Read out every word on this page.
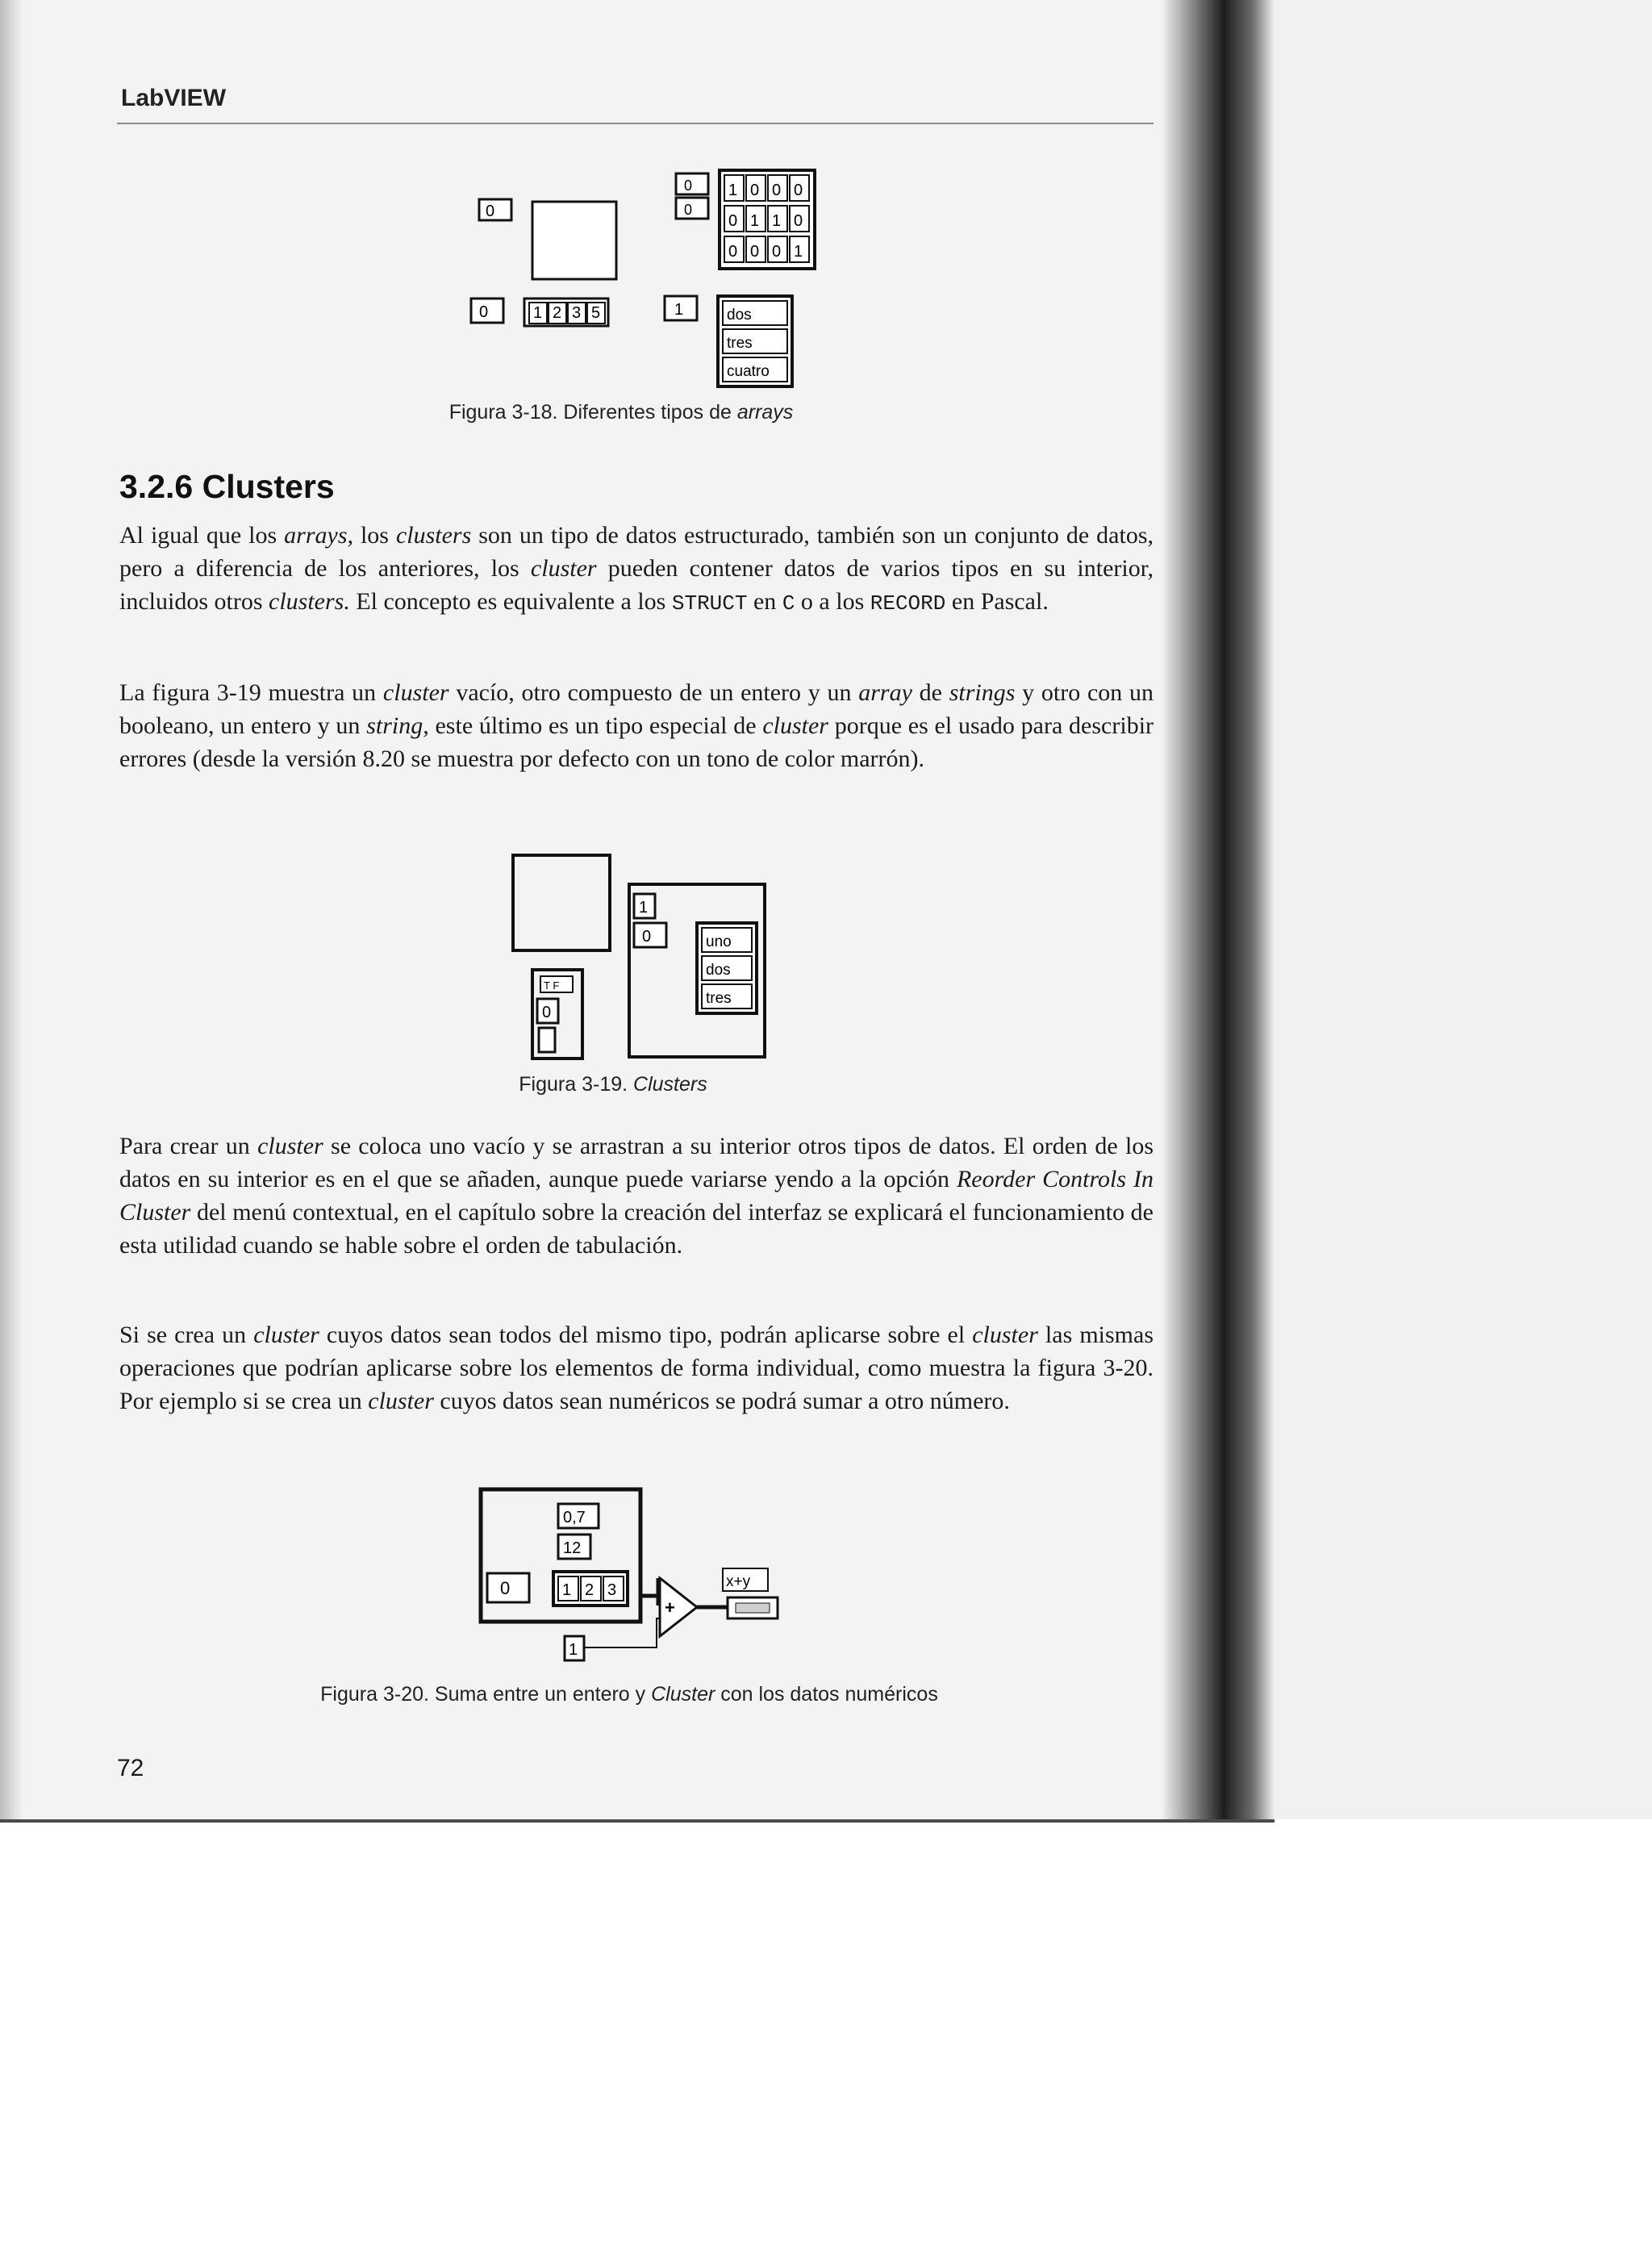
LabVIEW
0
0	1 2 3 5
0
0
1 0 0 0
0 1 1 0
0 0 0 1
1	dos
tres
cuatro
Figura 3-18. Diferentes tipos de arrays
3.2.6 Clusters

Al igual que los arrays, los clusters son un tipo de datos estructurado, también son un conjunto de datos, pero a diferencia de los anteriores, los cluster pueden contener datos de varios tipos en su interior, incluidos otros clusters. El concepto es equivalente a los STRUCT en C o a los RECORD en Pascal.

La figura 3-19 muestra un cluster vacío, otro compuesto de un entero y un array de strings y otro con un booleano, un entero y un string, este último es un tipo especial de cluster porque es el usado para describir errores (desde la versión 8.20 se muestra por defecto con un tono de color marrón).

T F
0
1
0	uno
dos
tres
Figura 3-19. Clusters

Para crear un cluster se coloca uno vacío y se arrastran a su interior otros tipos de datos. El orden de los datos en su interior es en el que se añaden, aunque puede variarse yendo a la opción Reorder Controls In Cluster del menú contextual, en el capítulo sobre la creación del interfaz se explicará el funcionamiento de esta utilidad cuando se hable sobre el orden de tabulación.

Si se crea un cluster cuyos datos sean todos del mismo tipo, podrán aplicarse sobre el cluster las mismas operaciones que podrían aplicarse sobre los elementos de forma individual, como muestra la figura 3-20. Por ejemplo si se crea un cluster cuyos datos sean numéricos se podrá sumar a otro número.

0,7
12
0	1 2 3
+
1
x+y
Figura 3-20. Suma entre un entero y Cluster con los datos numéricos
72
